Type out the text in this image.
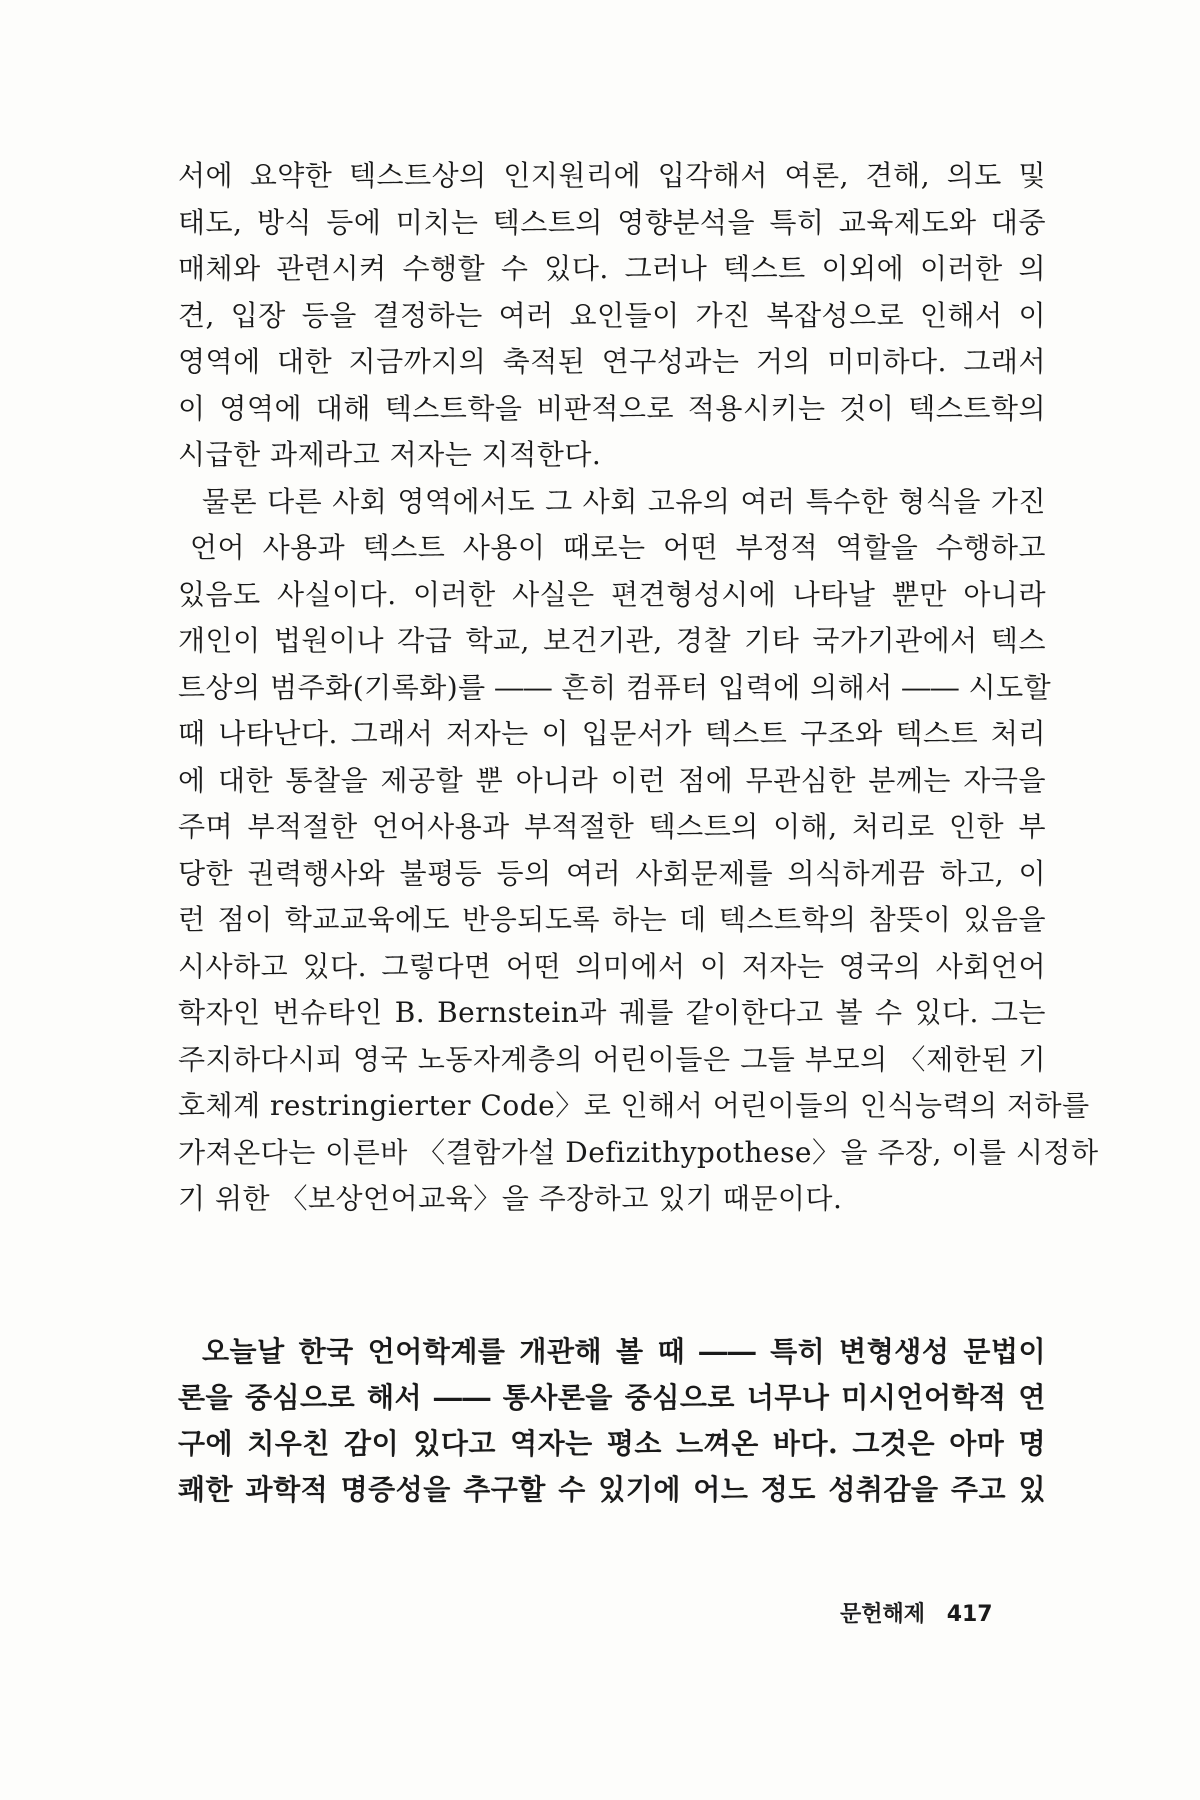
서에 요약한 텍스트상의 인지원리에 입각해서 여론, 견해, 의도 및
태도, 방식 등에 미치는 텍스트의 영향분석을 특히 교육제도와 대중
매체와 관련시켜 수행할 수 있다. 그러나 텍스트 이외에 이러한 의
견, 입장 등을 결정하는 여러 요인들이 가진 복잡성으로 인해서 이
영역에 대한 지금까지의 축적된 연구성과는 거의 미미하다. 그래서
이 영역에 대해 텍스트학을 비판적으로 적용시키는 것이 텍스트학의
시급한 과제라고 저자는 지적한다.
물론 다른 사회 영역에서도 그 사회 고유의 여러 특수한 형식을 가진
언어 사용과 텍스트 사용이 때로는 어떤 부정적 역할을 수행하고
있음도 사실이다. 이러한 사실은 편견형성시에 나타날 뿐만 아니라
개인이 법원이나 각급 학교, 보건기관, 경찰 기타 국가기관에서 텍스
트상의 범주화(기록화)를 ―― 흔히 컴퓨터 입력에 의해서 ―― 시도할
때 나타난다. 그래서 저자는 이 입문서가 텍스트 구조와 텍스트 처리
에 대한 통찰을 제공할 뿐 아니라 이런 점에 무관심한 분께는 자극을
주며 부적절한 언어사용과 부적절한 텍스트의 이해, 처리로 인한 부
당한 권력행사와 불평등 등의 여러 사회문제를 의식하게끔 하고, 이
런 점이 학교교육에도 반응되도록 하는 데 텍스트학의 참뜻이 있음을
시사하고 있다. 그렇다면 어떤 의미에서 이 저자는 영국의 사회언어
학자인 번슈타인 B. Bernstein과 궤를 같이한다고 볼 수 있다. 그는
주지하다시피 영국 노동자계층의 어린이들은 그들 부모의 〈제한된 기
호체계 restringierter Code〉로 인해서 어린이들의 인식능력의 저하를
가져온다는 이른바 〈결함가설 Defizithypothese〉을 주장, 이를 시정하
기 위한 〈보상언어교육〉을 주장하고 있기 때문이다.
오늘날 한국 언어학계를 개관해 볼 때 ―― 특히 변형생성 문법이
론을 중심으로 해서 ―― 통사론을 중심으로 너무나 미시언어학적 연
구에 치우친 감이 있다고 역자는 평소 느껴온 바다. 그것은 아마 명
쾌한 과학적 명증성을 추구할 수 있기에 어느 정도 성취감을 주고 있
문헌해제 417
